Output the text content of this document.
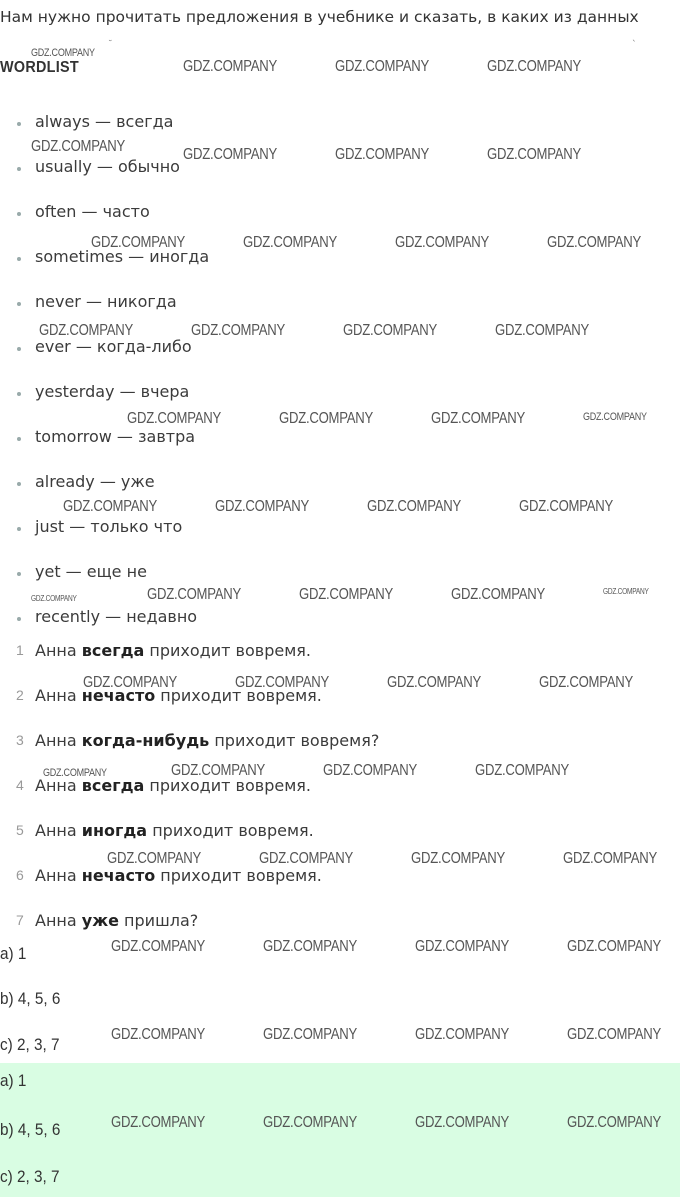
Нам нужно прочитать предложения в учебнике и сказать, в каких из данных
˘	ˋ
WORDLIST
always — всегда
usually — обычно
often — часто
sometimes — иногда
never — никогда
ever — когда-либо
yesterday — вчера
tomorrow — завтра
already — уже
just — только что
yet — еще не
recently — недавно
1 Анна всегда приходит вовремя.
2 Анна нечасто приходит вовремя.
3 Анна когда-нибудь приходит вовремя?
4 Анна всегда приходит вовремя.
5 Анна иногда приходит вовремя.
6 Анна нечасто приходит вовремя.
7 Анна уже пришла?
a) 1
b) 4, 5, 6
c) 2, 3, 7
a) 1
b) 4, 5, 6
c) 2, 3, 7
GDZ.COMPANY
GDZ.COMPANY	GDZ.COMPANY	GDZ.COMPANY
GDZ.COMPANY	GDZ.COMPANY	GDZ.COMPANY	GDZ.COMPANY
GDZ.COMPANY	GDZ.COMPANY	GDZ.COMPANY	GDZ.COMPANY
GDZ.COMPANY	GDZ.COMPANY	GDZ.COMPANY	GDZ.COMPANY
GDZ.COMPANY	GDZ.COMPANY	GDZ.COMPANY	GDZ.COMPANY
GDZ.COMPANY	GDZ.COMPANY	GDZ.COMPANY	GDZ.COMPANY
GDZ.COMPANY	GDZ.COMPANY	GDZ.COMPANY	GDZ.COMPANY	GDZ.COMPANY
GDZ.COMPANY	GDZ.COMPANY	GDZ.COMPANY	GDZ.COMPANY
GDZ.COMPANY	GDZ.COMPANY	GDZ.COMPANY	GDZ.COMPANY
GDZ.COMPANY	GDZ.COMPANY	GDZ.COMPANY	GDZ.COMPANY
GDZ.COMPANY	GDZ.COMPANY	GDZ.COMPANY	GDZ.COMPANY
GDZ.COMPANY	GDZ.COMPANY	GDZ.COMPANY	GDZ.COMPANY
GDZ.COMPANY	GDZ.COMPANY	GDZ.COMPANY	GDZ.COMPANY
